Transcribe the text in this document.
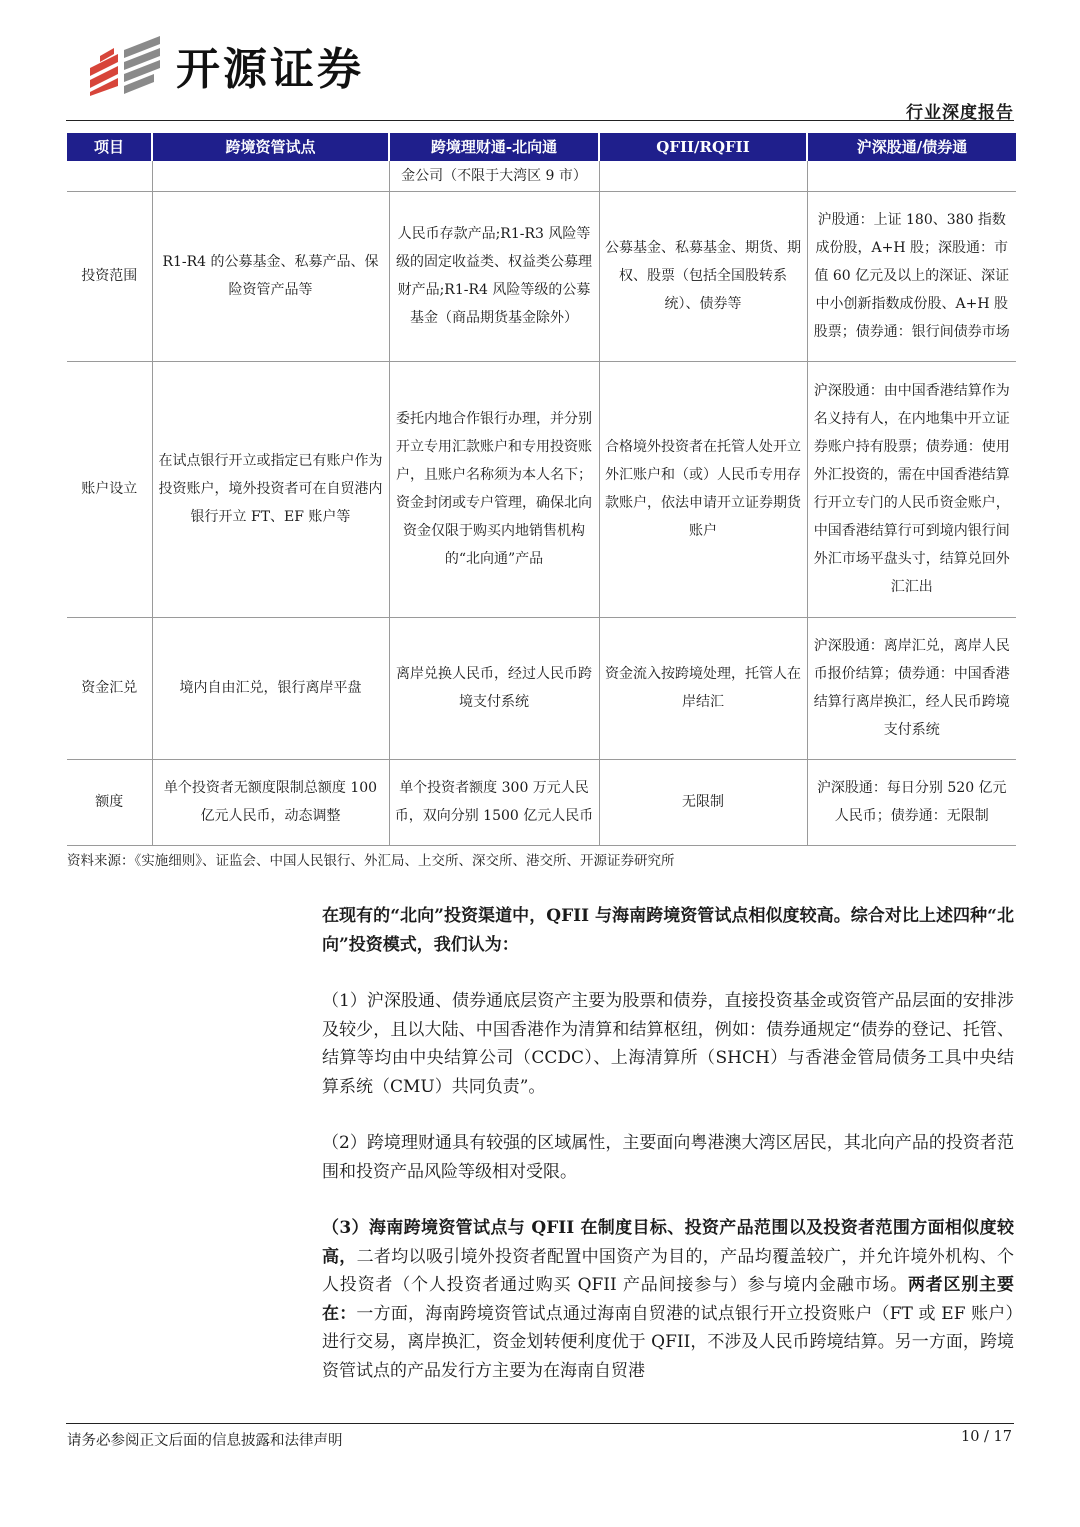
开源证券
行业深度报告
项目	跨境资管试点	跨境理财通-北向通	QFII/RQFII	沪深股通/债券通
		金公司（不限于大湾区 9 市）		
投资范围	R1-R4 的公募基金、私募产品、保险资管产品等	人民币存款产品;R1-R3 风险等级的固定收益类、权益类公募理财产品;R1-R4 风险等级的公募基金（商品期货基金除外）	公募基金、私募基金、期货、期权、股票（包括全国股转系统）、债券等	沪股通：上证 180、380 指数成份股，A+H 股；深股通：市值 60 亿元及以上的深证、深证中小创新指数成份股、A+H 股股票；债券通：银行间债券市场
账户设立	在试点银行开立或指定已有账户作为投资账户，境外投资者可在自贸港内银行开立 FT、EF 账户等	委托内地合作银行办理，并分别开立专用汇款账户和专用投资账户，且账户名称须为本人名下；资金封闭或专户管理，确保北向资金仅限于购买内地销售机构的“北向通”产品	合格境外投资者在托管人处开立外汇账户和（或）人民币专用存款账户，依法申请开立证券期货账户	沪深股通：由中国香港结算作为名义持有人，在内地集中开立证券账户持有股票；债券通：使用外汇投资的，需在中国香港结算行开立专门的人民币资金账户，中国香港结算行可到境内银行间外汇市场平盘头寸，结算兑回外汇汇出
资金汇兑	境内自由汇兑，银行离岸平盘	离岸兑换人民币，经过人民币跨境支付系统	资金流入按跨境处理，托管人在岸结汇	沪深股通：离岸汇兑，离岸人民币报价结算；债券通：中国香港结算行离岸换汇，经人民币跨境支付系统
额度	单个投资者无额度限制总额度 100 亿元人民币，动态调整	单个投资者额度 300 万元人民币，双向分别 1500 亿元人民币	无限制	沪深股通：每日分别 520 亿元人民币；债券通：无限制
资料来源：《实施细则》、证监会、中国人民银行、外汇局、上交所、深交所、港交所、开源证券研究所

在现有的“北向”投资渠道中，QFII 与海南跨境资管试点相似度较高。综合对比上述四种“北向”投资模式，我们认为：

（1）沪深股通、债券通底层资产主要为股票和债券，直接投资基金或资管产品层面的安排涉及较少，且以大陆、中国香港作为清算和结算枢纽，例如：债券通规定“债券的登记、托管、结算等均由中央结算公司（CCDC）、上海清算所（SHCH）与香港金管局债务工具中央结算系统（CMU）共同负责”。

（2）跨境理财通具有较强的区域属性，主要面向粤港澳大湾区居民，其北向产品的投资者范围和投资产品风险等级相对受限。

（3）海南跨境资管试点与 QFII 在制度目标、投资产品范围以及投资者范围方面相似度较高，二者均以吸引境外投资者配置中国资产为目的，产品均覆盖较广，并允许境外机构、个人投资者（个人投资者通过购买 QFII 产品间接参与）参与境内金融市场。两者区别主要在：一方面，海南跨境资管试点通过海南自贸港的试点银行开立投资账户（FT 或 EF 账户）进行交易，离岸换汇，资金划转便利度优于 QFII，不涉及人民币跨境结算。另一方面，跨境资管试点的产品发行方主要为在海南自贸港

请务必参阅正文后面的信息披露和法律声明	10 / 17
